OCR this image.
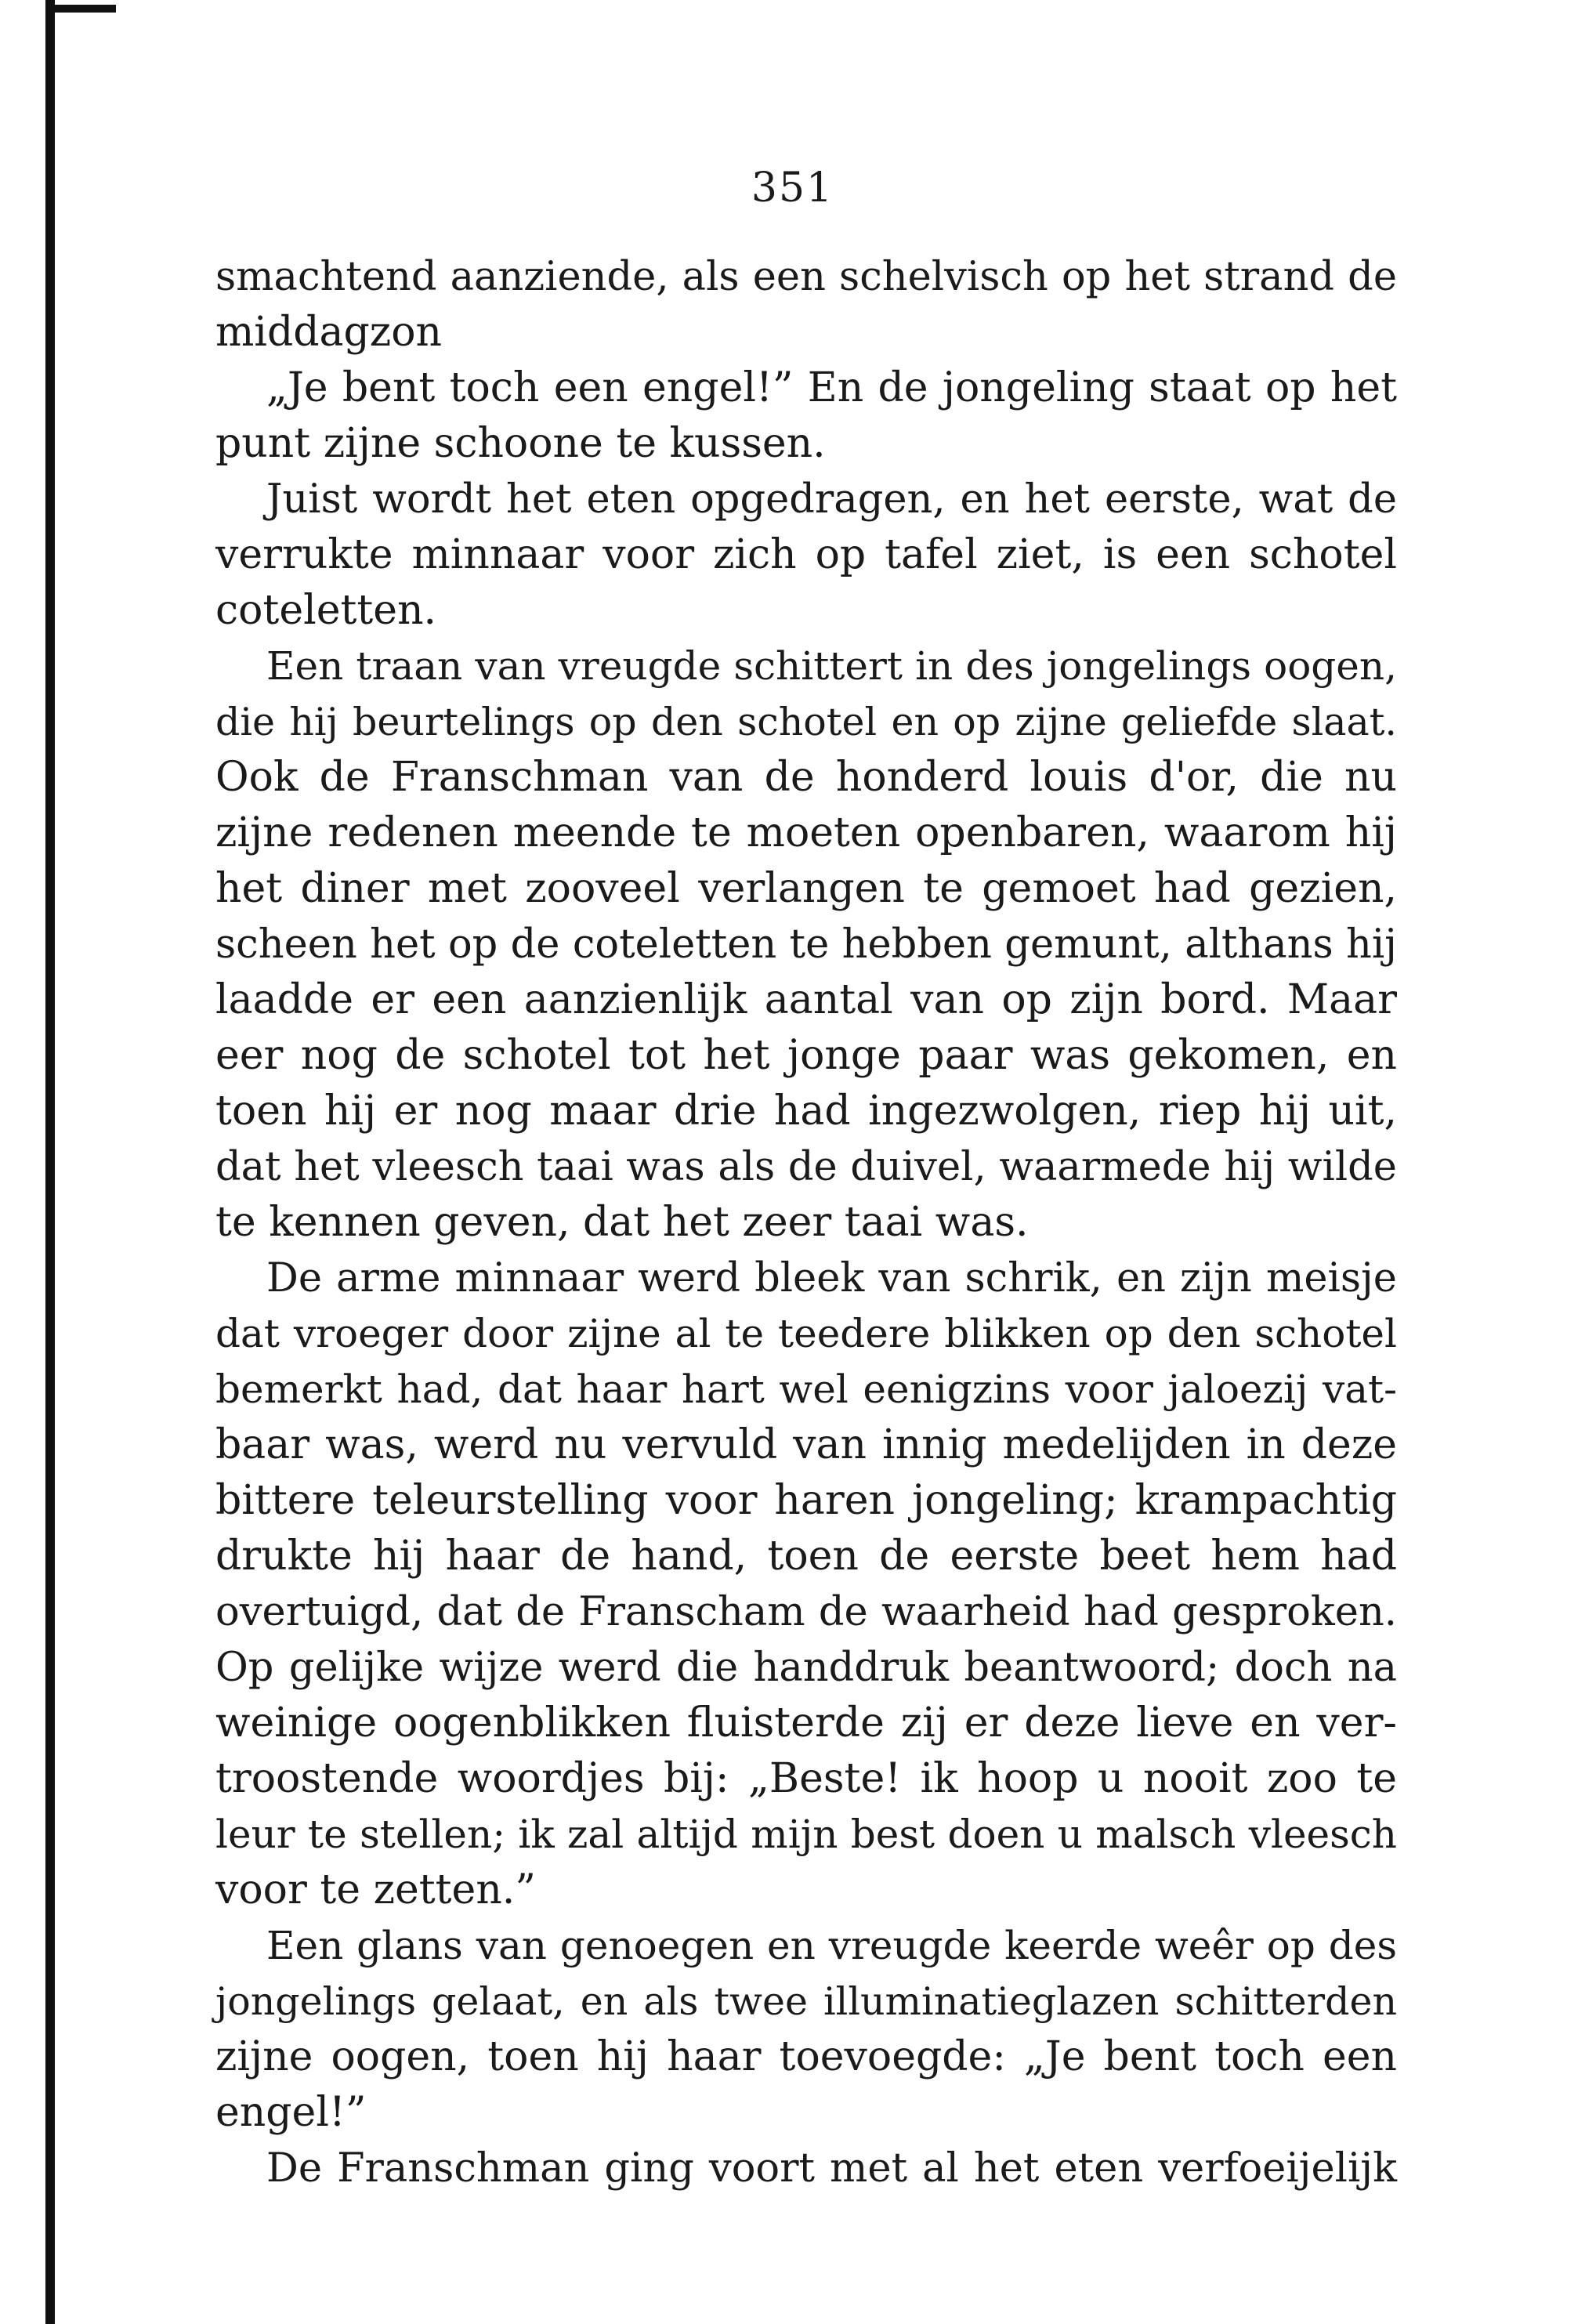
351
smachtend aanziende, als een schelvisch op het strand de
middagzon
„Je bent toch een engel!” En de jongeling staat op het
punt zijne schoone te kussen.
Juist wordt het eten opgedragen, en het eerste, wat de
verrukte minnaar voor zich op tafel ziet, is een schotel
coteletten.
Een traan van vreugde schittert in des jongelings oogen,
die hij beurtelings op den schotel en op zijne geliefde slaat.
Ook de Franschman van de honderd louis d'or, die nu
zijne redenen meende te moeten openbaren, waarom hij
het diner met zooveel verlangen te gemoet had gezien,
scheen het op de coteletten te hebben gemunt, althans hij
laadde er een aanzienlijk aantal van op zijn bord. Maar
eer nog de schotel tot het jonge paar was gekomen, en
toen hij er nog maar drie had ingezwolgen, riep hij uit,
dat het vleesch taai was als de duivel, waarmede hij wilde
te kennen geven, dat het zeer taai was.
De arme minnaar werd bleek van schrik, en zijn meisje
dat vroeger door zijne al te teedere blikken op den schotel
bemerkt had, dat haar hart wel eenigzins voor jaloezij vat-
baar was, werd nu vervuld van innig medelijden in deze
bittere teleurstelling voor haren jongeling; krampachtig
drukte hij haar de hand, toen de eerste beet hem had
overtuigd, dat de Franscham de waarheid had gesproken.
Op gelijke wijze werd die handdruk beantwoord; doch na
weinige oogenblikken fluisterde zij er deze lieve en ver-
troostende woordjes bij: „Beste! ik hoop u nooit zoo te
leur te stellen; ik zal altijd mijn best doen u malsch vleesch
voor te zetten.”
Een glans van genoegen en vreugde keerde weêr op des
jongelings gelaat, en als twee illuminatieglazen schitterden
zijne oogen, toen hij haar toevoegde: „Je bent toch een
engel!”
De Franschman ging voort met al het eten verfoeijelijk
